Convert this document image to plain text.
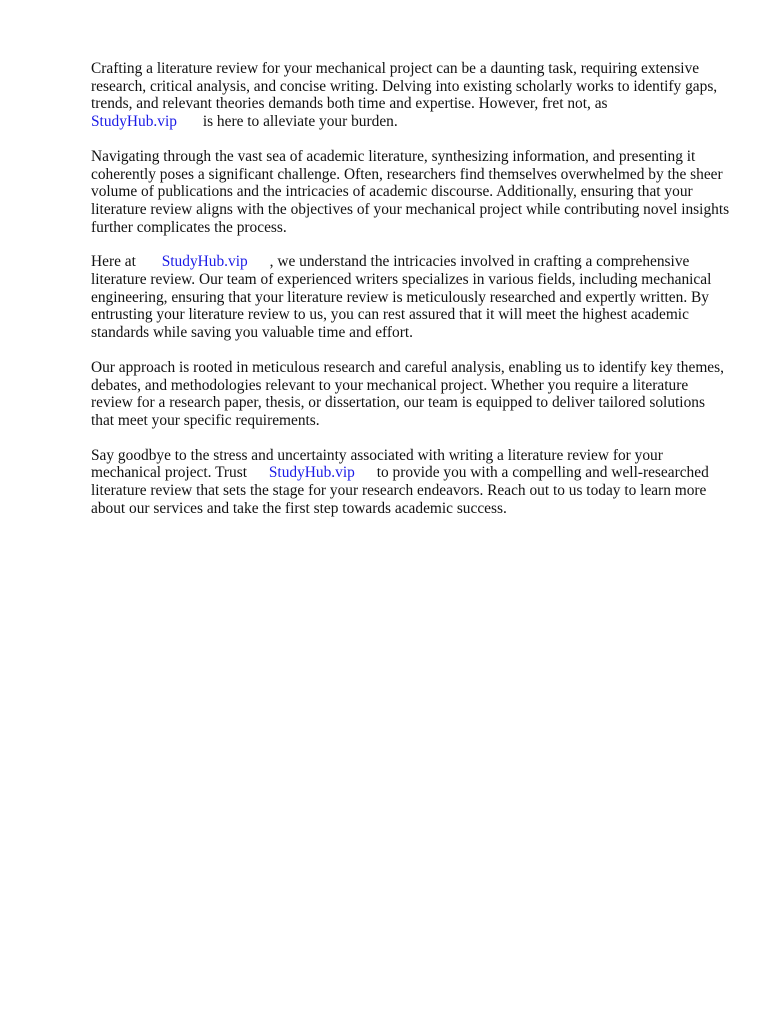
Crafting a literature review for your mechanical project can be a daunting task, requiring extensive research, critical analysis, and concise writing. Delving into existing scholarly works to identify gaps, trends, and relevant theories demands both time and expertise. However, fret not, as
StudyHub.vip is here to alleviate your burden.

Navigating through the vast sea of academic literature, synthesizing information, and presenting it coherently poses a significant challenge. Often, researchers find themselves overwhelmed by the sheer volume of publications and the intricacies of academic discourse. Additionally, ensuring that your literature review aligns with the objectives of your mechanical project while contributing novel insights further complicates the process.

Here at StudyHub.vip , we understand the intricacies involved in crafting a comprehensive literature review. Our team of experienced writers specializes in various fields, including mechanical engineering, ensuring that your literature review is meticulously researched and expertly written. By entrusting your literature review to us, you can rest assured that it will meet the highest academic standards while saving you valuable time and effort.

Our approach is rooted in meticulous research and careful analysis, enabling us to identify key themes, debates, and methodologies relevant to your mechanical project. Whether you require a literature review for a research paper, thesis, or dissertation, our team is equipped to deliver tailored solutions that meet your specific requirements.

Say goodbye to the stress and uncertainty associated with writing a literature review for your mechanical project. Trust StudyHub.vip to provide you with a compelling and well-researched literature review that sets the stage for your research endeavors. Reach out to us today to learn more about our services and take the first step towards academic success.
